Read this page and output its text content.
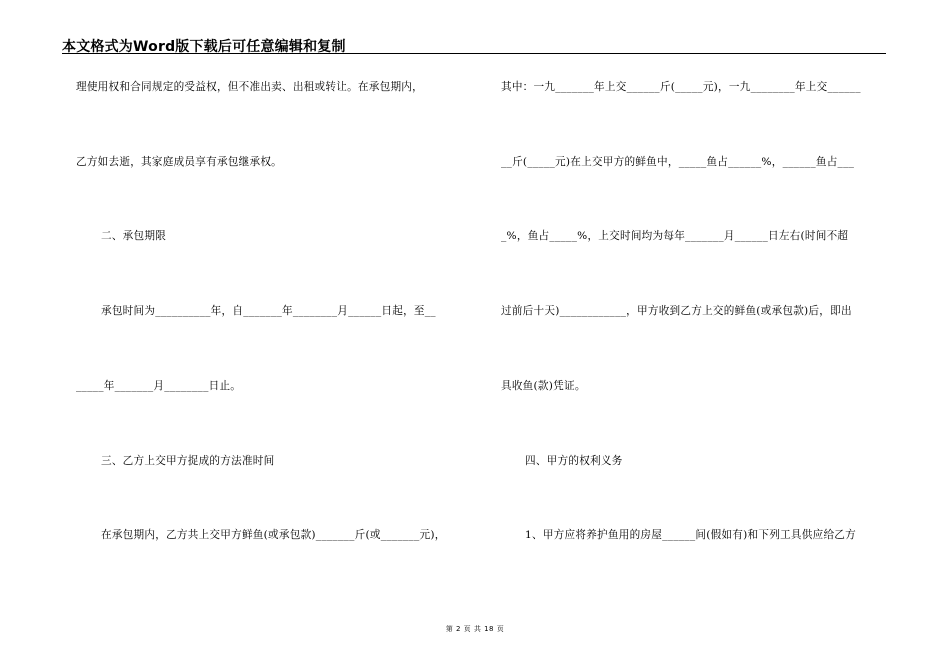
本文格式为Word版下载后可任意编辑和复制
理使用权和合同规定的受益权，但不准出卖、出租或转让。在承包期内，
乙方如去逝，其家庭成员享有承包继承权。
二、承包期限
承包时间为__________年，自_______年________月______日起，至__
_____年_______月________日止。
三、乙方上交甲方捉成的方法准时间
在承包期内，乙方共上交甲方鲜鱼(或承包款)_______斤(或_______元)，
其中：一九_______年上交______斤(_____元)，一九________年上交______
__斤(_____元)在上交甲方的鲜鱼中，_____鱼占______%，______鱼占___
_%，鱼占_____%，上交时间均为每年_______月______日左右(时间不超
过前后十天)____________，甲方收到乙方上交的鲜鱼(或承包款)后，即出
具收鱼(款)凭证。
四、甲方的权利义务
1、甲方应将养护鱼用的房屋______间(假如有)和下列工具供应给乙方
第 2 页 共 18 页
